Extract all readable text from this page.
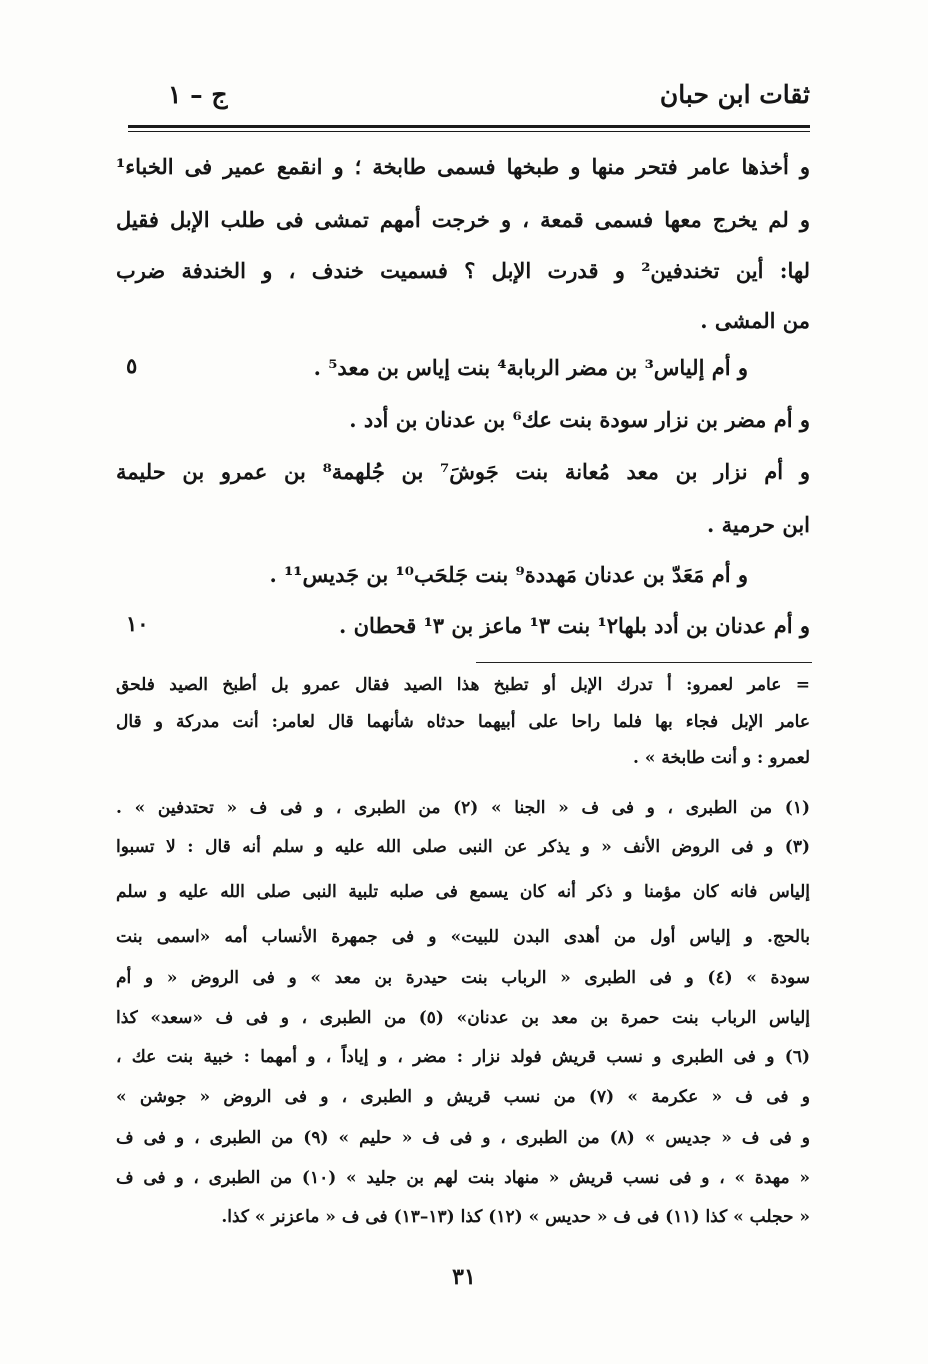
ثقات ابن حبان
ج – ١
و أخذها عامر فتحر منها و طبخها فسمى طابخة ؛ و انقمع عمير فى الخباء¹
و لم يخرج معها فسمى قمعة ، و خرجت أمهم تمشى فى طلب الإبل فقيل
لها: أين تخندفين² و قدرت الإبل ؟ فسميت خندف ، و الخندفة ضرب
من المشى .
و أم إلياس³ بن مضر الربابة⁴ بنت إياس بن معد⁵ .
و أم مضر بن نزار سودة بنت عك⁶ بن عدنان بن أدد .
و أم نزار بن معد مُعانة بنت جَوشَ⁷ بن جُلهمة⁸ بن عمرو بن حليمة
ابن حرمية .
و أم مَعَدّ بن عدنان مَهددة⁹ بنت جَلحَب¹⁰ بن جَديس¹¹ .
و أم عدنان بن أدد بلها¹٢ بنت ¹٣ ماعز بن ¹٣ قحطان .
٥
١٠
= عامر لعمرو: أ تدرك الإبل أو تطبخ هذا الصيد فقال عمرو بل أطبخ الصيد فلحق
عامر الإبل فجاء بها فلما راحا على أبيهما حدثاه شأنهما قال لعامر: أنت مدركة و قال
لعمرو : و أنت طابخة » .
(١) من الطبرى ، و فى ف « الجنا » (٢) من الطبرى ، و فى ف « تحتدفين » .
(٣) و فى الروض الأنف « و يذكر عن النبى صلى الله عليه و سلم أنه قال : لا تسبوا
إلياس فانه كان مؤمنا و ذكر أنه كان يسمع فى صلبه تلبية النبى صلى الله عليه و سلم
بالحج. و إلياس أول من أهدى البدن للبيت» و فى جمهرة الأنساب أمه «اسمى بنت
سودة » (٤) و فى الطبرى « الرباب بنت حيدرة بن معد » و فى الروض « و أم
إلياس الرباب بنت حمرة بن معد بن عدنان» (٥) من الطبرى ، و فى ف «سعد» كذا
(٦) و فى الطبرى و نسب قريش فولد نزار : مضر ، و إياداً ، و أمهما : خبية بنت عك ،
و فى ف « عكرمة » (٧) من نسب قريش و الطبرى ، و فى الروض « جوشن »
و فى ف « جديس » (٨) من الطبرى ، و فى ف « حليم » (٩) من الطبرى ، و فى ف
« مهدة » ، و فى نسب قريش « منهاد بنت لهم بن جليد » (١٠) من الطبرى ، و فى ف
« حجلب » كذا (١١) فى ف « حديس » (١٢) كذا (١٣–١٣) فى ف « ماعزنر » كذا.
٣١
